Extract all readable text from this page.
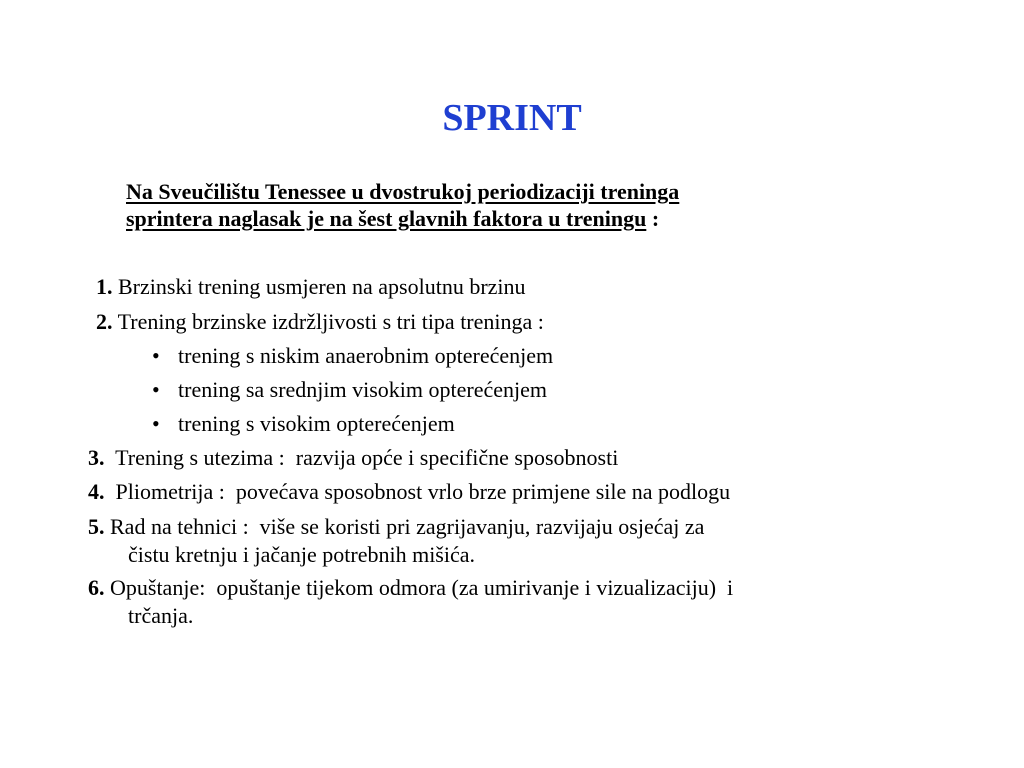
SPRINT
Na Sveučilištu Tenessee u dvostrukoj periodizaciji treninga
sprintera naglasak je na šest glavnih faktora u treningu :
1. Brzinski trening usmjeren na apsolutnu brzinu
2. Trening brzinske izdržljivosti s tri tipa treninga :
• trening s niskim anaerobnim opterećenjem
• trening sa srednjim visokim opterećenjem
• trening s visokim opterećenjem
3.  Trening s utezima :  razvija opće i specifične sposobnosti
4.  Pliometrija :  povećava sposobnost vrlo brze primjene sile na podlogu
5. Rad na tehnici :  više se koristi pri zagrijavanju, razvijaju osjećaj za
čistu kretnju i jačanje potrebnih mišića.
6. Opuštanje:  opuštanje tijekom odmora (za umirivanje i vizualizaciju)  i
trčanja.
